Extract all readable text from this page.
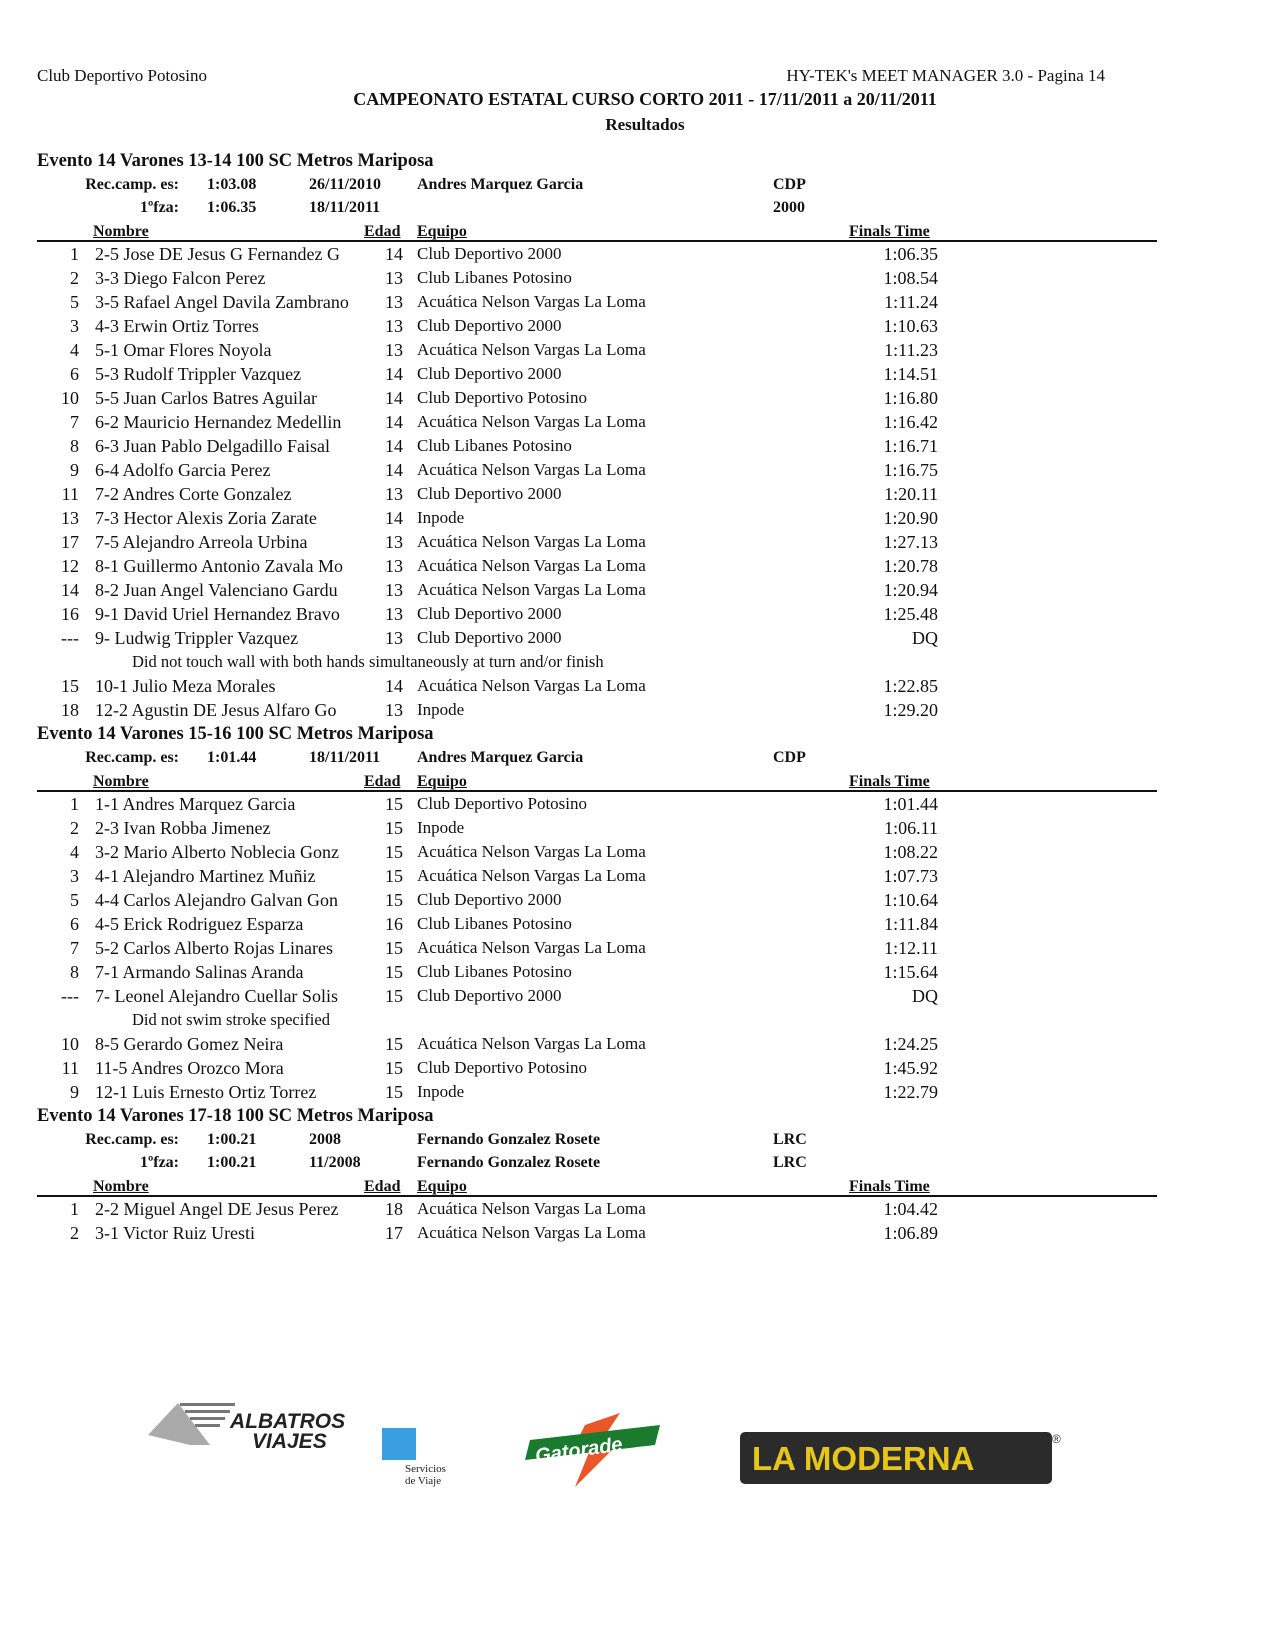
Club Deportivo Potosino	HY-TEK's MEET MANAGER 3.0 - Pagina 14
CAMPEONATO ESTATAL CURSO CORTO 2011 - 17/11/2011 a 20/11/2011
Resultados
Evento 14 Varones 13-14 100 SC Metros Mariposa
Rec.camp. es: 1:03.08	26/11/2010 Andres Marquez Garcia	CDP
1ºfza: 1:06.35	18/11/2011	2000
Nombre	Edad Equipo	Finals Time
1 2-5 Jose DE Jesus G Fernandez G	14 Club Deportivo 2000	1:06.35
2 3-3 Diego Falcon Perez	13 Club Libanes Potosino	1:08.54
5 3-5 Rafael Angel Davila Zambrano	13 Acuática Nelson Vargas La Loma	1:11.24
3 4-3 Erwin Ortiz Torres	13 Club Deportivo 2000	1:10.63
4 5-1 Omar Flores Noyola	13 Acuática Nelson Vargas La Loma	1:11.23
6 5-3 Rudolf Trippler Vazquez	14 Club Deportivo 2000	1:14.51
10 5-5 Juan Carlos Batres Aguilar	14 Club Deportivo Potosino	1:16.80
7 6-2 Mauricio Hernandez Medellin	14 Acuática Nelson Vargas La Loma	1:16.42
8 6-3 Juan Pablo Delgadillo Faisal	14 Club Libanes Potosino	1:16.71
9 6-4 Adolfo Garcia Perez	14 Acuática Nelson Vargas La Loma	1:16.75
11 7-2 Andres Corte Gonzalez	13 Club Deportivo 2000	1:20.11
13 7-3 Hector Alexis Zoria Zarate	14 Inpode	1:20.90
17 7-5 Alejandro Arreola Urbina	13 Acuática Nelson Vargas La Loma	1:27.13
12 8-1 Guillermo Antonio Zavala Mo	13 Acuática Nelson Vargas La Loma	1:20.78
14 8-2 Juan Angel Valenciano Gardu	13 Acuática Nelson Vargas La Loma	1:20.94
16 9-1 David Uriel Hernandez Bravo	13 Club Deportivo 2000	1:25.48
--- 9- Ludwig Trippler Vazquez	13 Club Deportivo 2000	DQ
Did not touch wall with both hands simultaneously at turn and/or finish
15 10-1 Julio Meza Morales	14 Acuática Nelson Vargas La Loma	1:22.85
18 12-2 Agustin DE Jesus Alfaro Go	13 Inpode	1:29.20
Evento 14 Varones 15-16 100 SC Metros Mariposa
Rec.camp. es: 1:01.44	18/11/2011 Andres Marquez Garcia	CDP
Nombre	Edad Equipo	Finals Time
1 1-1 Andres Marquez Garcia	15 Club Deportivo Potosino	1:01.44
2 2-3 Ivan Robba Jimenez	15 Inpode	1:06.11
4 3-2 Mario Alberto Noblecia Gonz	15 Acuática Nelson Vargas La Loma	1:08.22
3 4-1 Alejandro Martinez Muñiz	15 Acuática Nelson Vargas La Loma	1:07.73
5 4-4 Carlos Alejandro Galvan Gon	15 Club Deportivo 2000	1:10.64
6 4-5 Erick Rodriguez Esparza	16 Club Libanes Potosino	1:11.84
7 5-2 Carlos Alberto Rojas Linares	15 Acuática Nelson Vargas La Loma	1:12.11
8 7-1 Armando Salinas Aranda	15 Club Libanes Potosino	1:15.64
--- 7- Leonel Alejandro Cuellar Solis	15 Club Deportivo 2000	DQ
Did not swim stroke specified
10 8-5 Gerardo Gomez Neira	15 Acuática Nelson Vargas La Loma	1:24.25
11 11-5 Andres Orozco Mora	15 Club Deportivo Potosino	1:45.92
9 12-1 Luis Ernesto Ortiz Torrez	15 Inpode	1:22.79
Evento 14 Varones 17-18 100 SC Metros Mariposa
Rec.camp. es: 1:00.21	2008	Fernando Gonzalez Rosete	LRC
1ºfza: 1:00.21	11/2008	Fernando Gonzalez Rosete	LRC
Nombre	Edad Equipo	Finals Time
1 2-2 Miguel Angel DE Jesus Perez	18 Acuática Nelson Vargas La Loma	1:04.42
2 3-1 Victor Ruiz Uresti	17 Acuática Nelson Vargas La Loma	1:06.89
ALBATROS
VIAJES
Servicios
de Viaje
Gatorade	LA MODERNA
®
